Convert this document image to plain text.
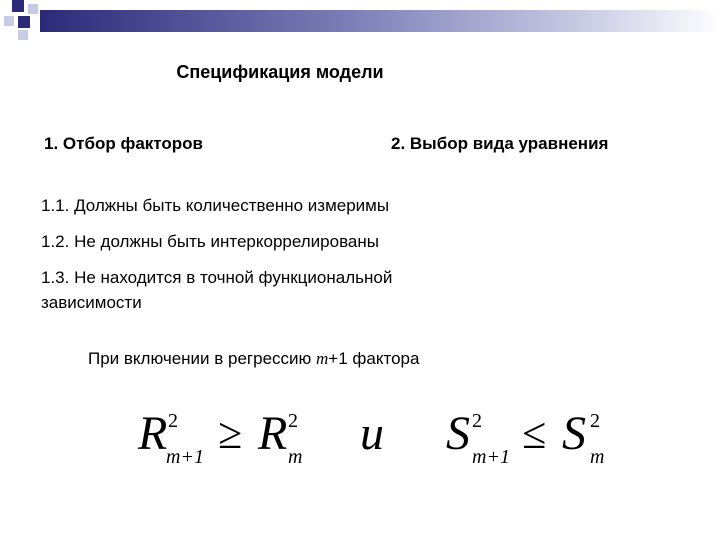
Спецификация модели
1. Отбор факторов	2. Выбор вида уравнения
1.1. Должны быть количественно измеримы
1.2. Не должны быть интеркоррелированы
1.3. Не находится в точной функциональной
зависимости
При включении в регрессию m+1 фактора
R 2
m+1 ≥ R 2
m и S 2
m+1 ≤ S 2
m
